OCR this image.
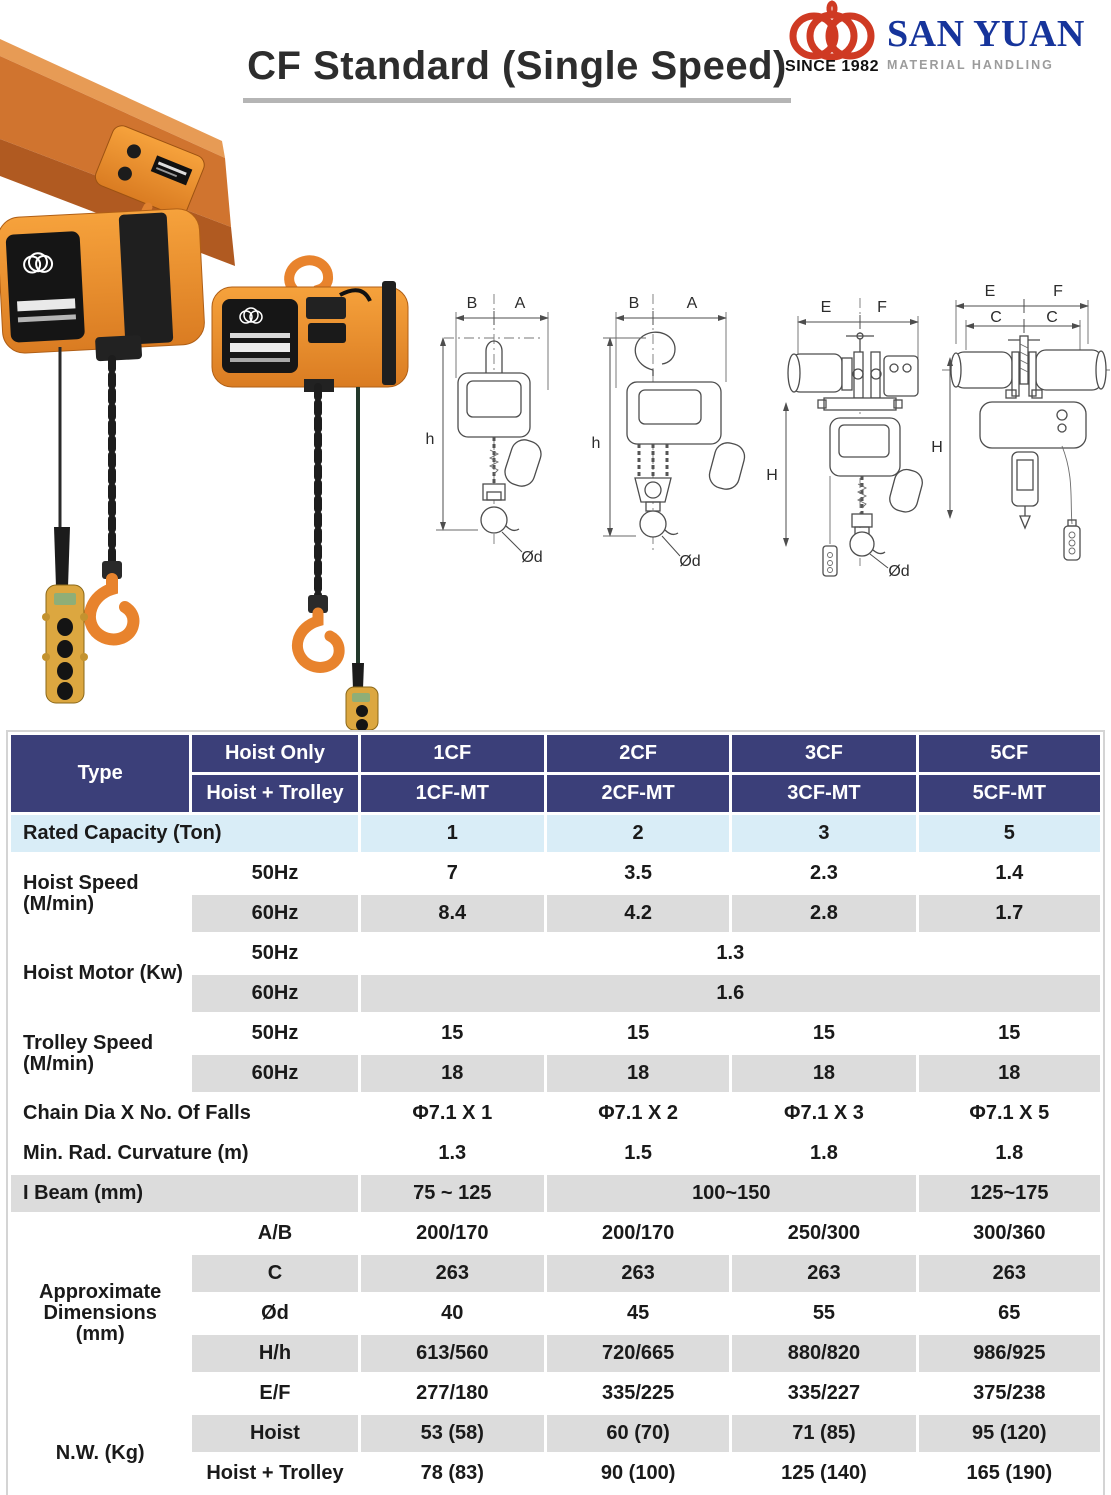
B A
h
Ød
B	A
h
Ød
E	F
H
Ød
E	F
C	C
H
CF Standard (Single Speed)
SINCE 1982
SAN YUAN
MATERIAL HANDLING
Type	Hoist Only	1CF	2CF	3CF	5CF
	Hoist + Trolley	1CF-MT	2CF-MT	3CF-MT	5CF-MT
Rated Capacity (Ton)		1	2	3	5

Hoist Speed
(M/min)	50Hz	7	3.5	2.3	1.4
	60Hz	8.4	4.2	2.8	1.7
Hoist Motor (Kw)	50Hz	1.3			
	60Hz	1.6			

Trolley Speed
(M/min)	50Hz	15	15	15	15
	60Hz	18	18	18	18
Chain Dia X No. Of Falls		Φ7.1 X 1	Φ7.1 X 2	Φ7.1 X 3	Φ7.1 X 5
Min. Rad. Curvature (m)		1.3	1.5	1.8	1.8
I Beam (mm)		75 ~ 125	100~150		125~175

Approximate
Dimensions
(mm)	A/B	200/170	200/170	250/300	300/360
	C	263	263	263	263
	Ød	40	45	55	65
	H/h	613/560	720/665	880/820	986/925
	E/F	277/180	335/225	335/227	375/238
N.W. (Kg)	Hoist	53 (58)	60 (70)	71 (85)	95 (120)
	Hoist + Trolley	78 (83)	90 (100)	125 (140)	165 (190)
